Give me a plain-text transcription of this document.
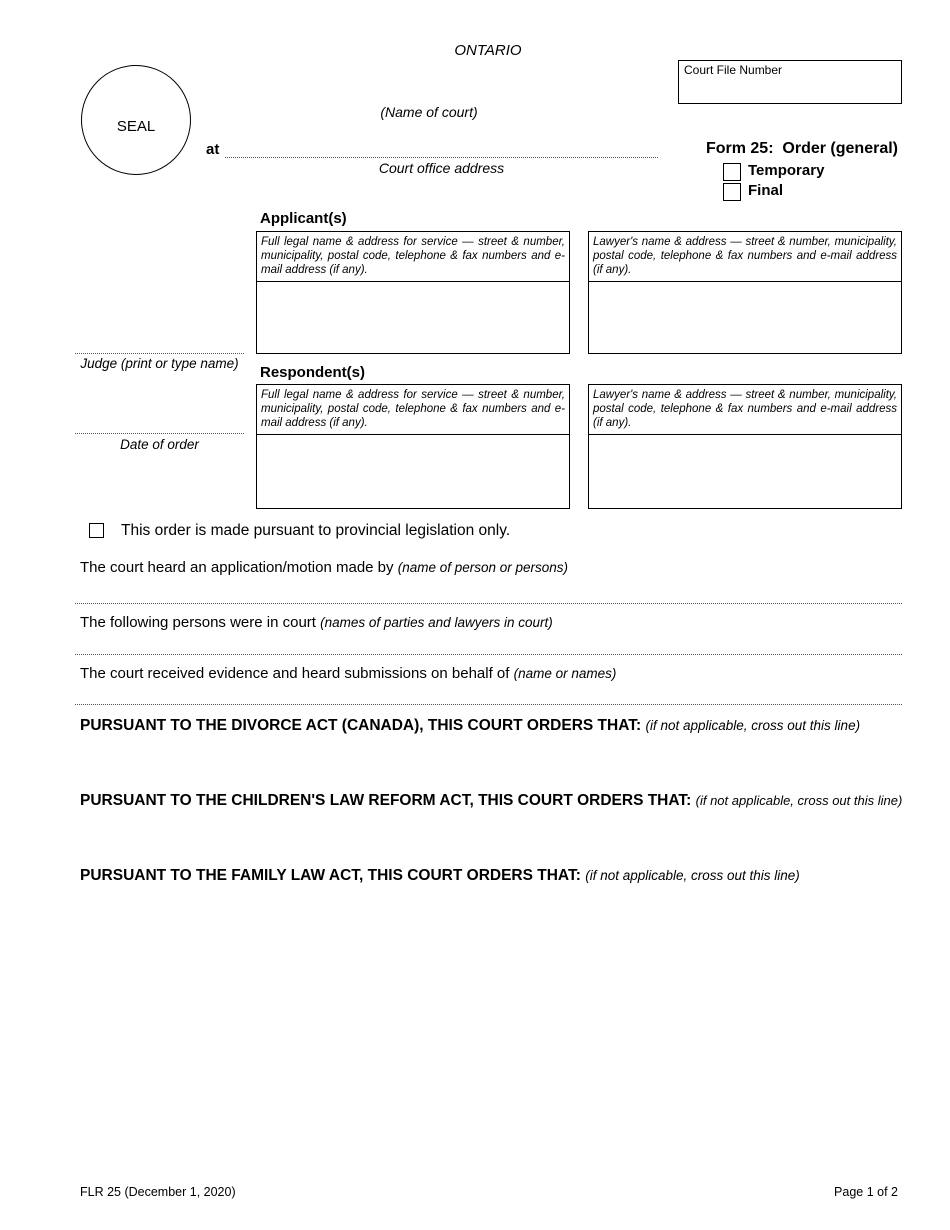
ONTARIO
Court File Number
SEAL
(Name of court)
at
Court office address
Form 25:  Order (general)
Temporary
Final
Applicant(s)
Full legal name & address for service — street & number, municipality, postal code, telephone & fax numbers and e-mail address (if any).
Lawyer's name & address — street & number, municipality, postal code, telephone & fax numbers and e-mail address (if any).
Judge (print or type name)
Respondent(s)
Full legal name & address for service — street & number, municipality, postal code, telephone & fax numbers and e-mail address (if any).
Lawyer's name & address — street & number, municipality, postal code, telephone & fax numbers and e-mail address (if any).
Date of order
This order is made pursuant to provincial legislation only.
The court heard an application/motion made by (name of person or persons)
The following persons were in court (names of parties and lawyers in court)
The court received evidence and heard submissions on behalf of (name or names)
PURSUANT TO THE DIVORCE ACT (CANADA), THIS COURT ORDERS THAT: (if not applicable, cross out this line)
PURSUANT TO THE CHILDREN'S LAW REFORM ACT, THIS COURT ORDERS THAT: (if not applicable, cross out this line)
PURSUANT TO THE FAMILY LAW ACT, THIS COURT ORDERS THAT: (if not applicable, cross out this line)
FLR 25 (December 1, 2020)	Page 1 of 2
